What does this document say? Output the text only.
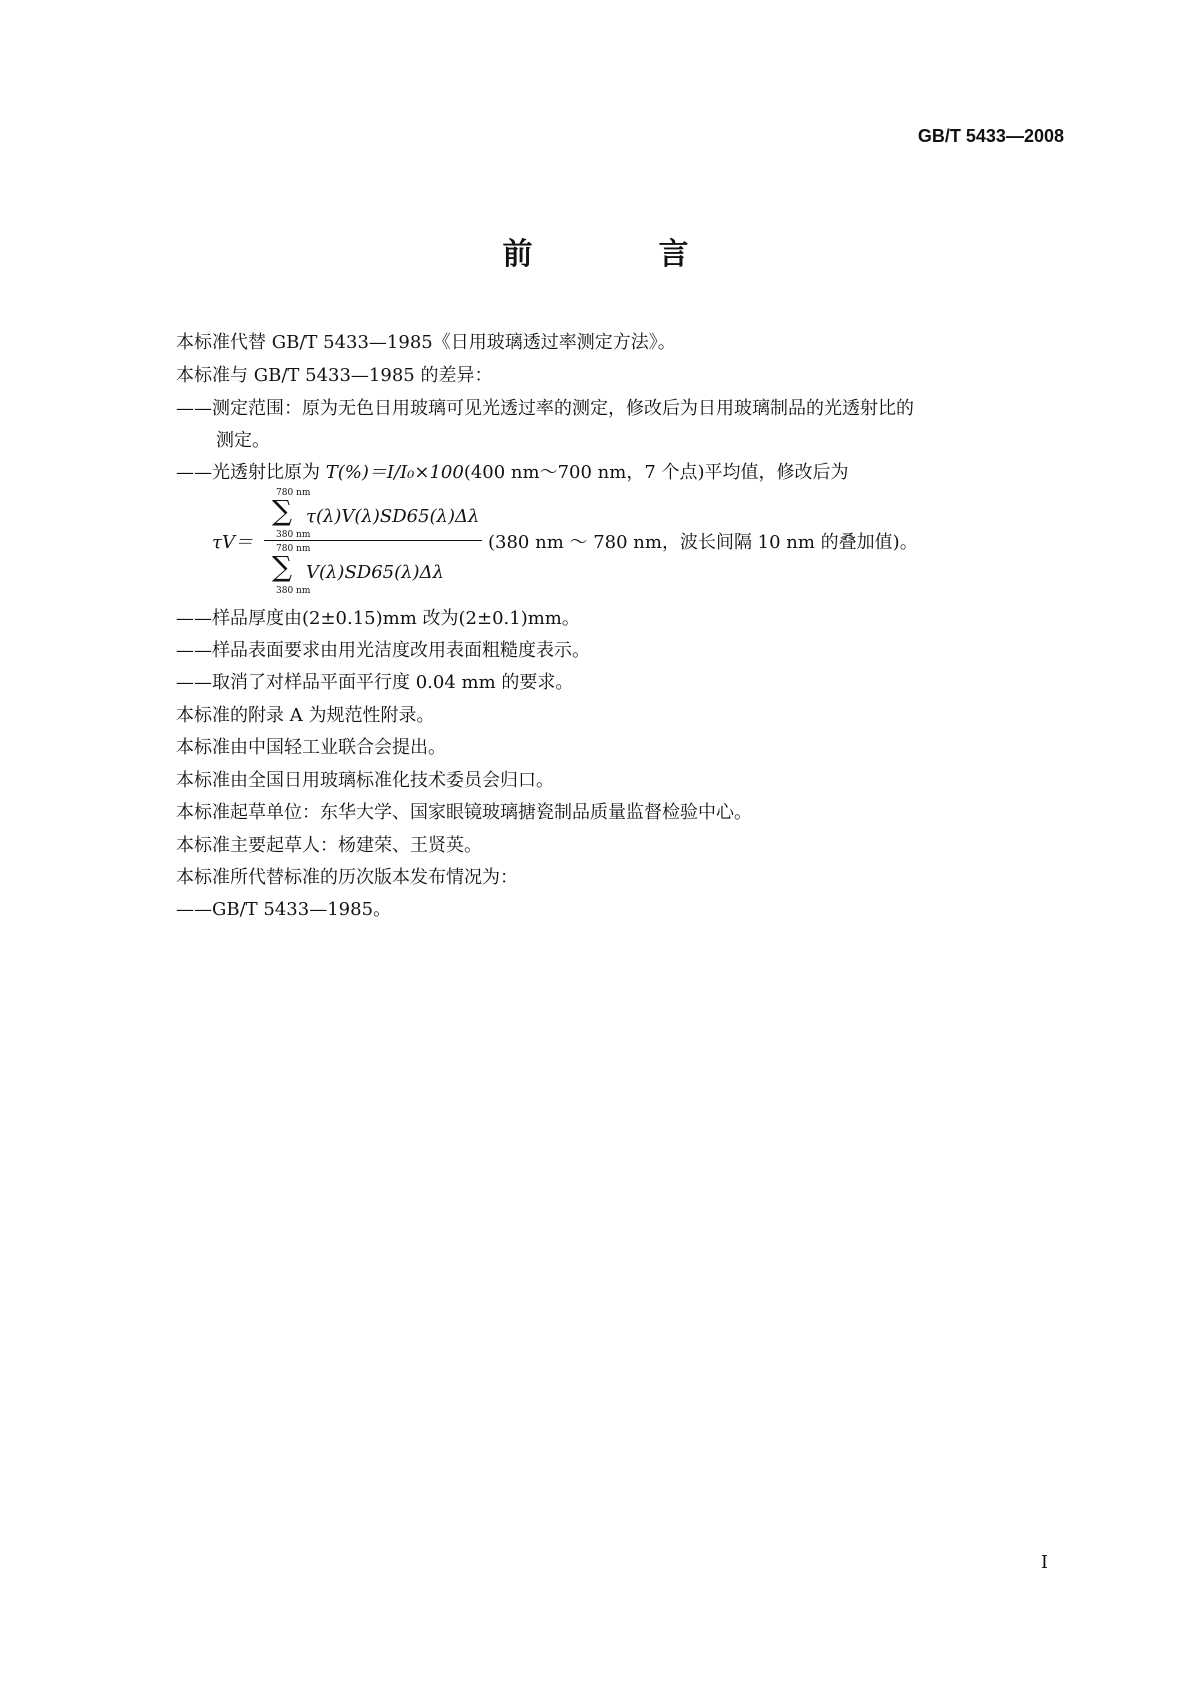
GB/T 5433—2008
前　言
本标准代替 GB/T 5433—1985《日用玻璃透过率测定方法》。
本标准与 GB/T 5433—1985 的差异：
——测定范围：原为无色日用玻璃可见光透过率的测定，修改后为日用玻璃制品的光透射比的
测定。
——光透射比原为 T(%)＝I/I₀×100(400 nm～700 nm，7 个点)平均值，修改后为
780 nm
∑ τ(λ)V(λ)SD65(λ)Δλ
380 nm
τV＝	(380 nm ～ 780 nm，波长间隔 10 nm 的叠加值)。
780 nm
∑ V(λ)SD65(λ)Δλ
380 nm
——样品厚度由(2±0.15)mm 改为(2±0.1)mm。
——样品表面要求由用光洁度改用表面粗糙度表示。
——取消了对样品平面平行度 0.04 mm 的要求。
本标准的附录 A 为规范性附录。
本标准由中国轻工业联合会提出。
本标准由全国日用玻璃标准化技术委员会归口。
本标准起草单位：东华大学、国家眼镜玻璃搪瓷制品质量监督检验中心。
本标准主要起草人：杨建荣、王贤英。
本标准所代替标准的历次版本发布情况为：
——GB/T 5433—1985。
I
